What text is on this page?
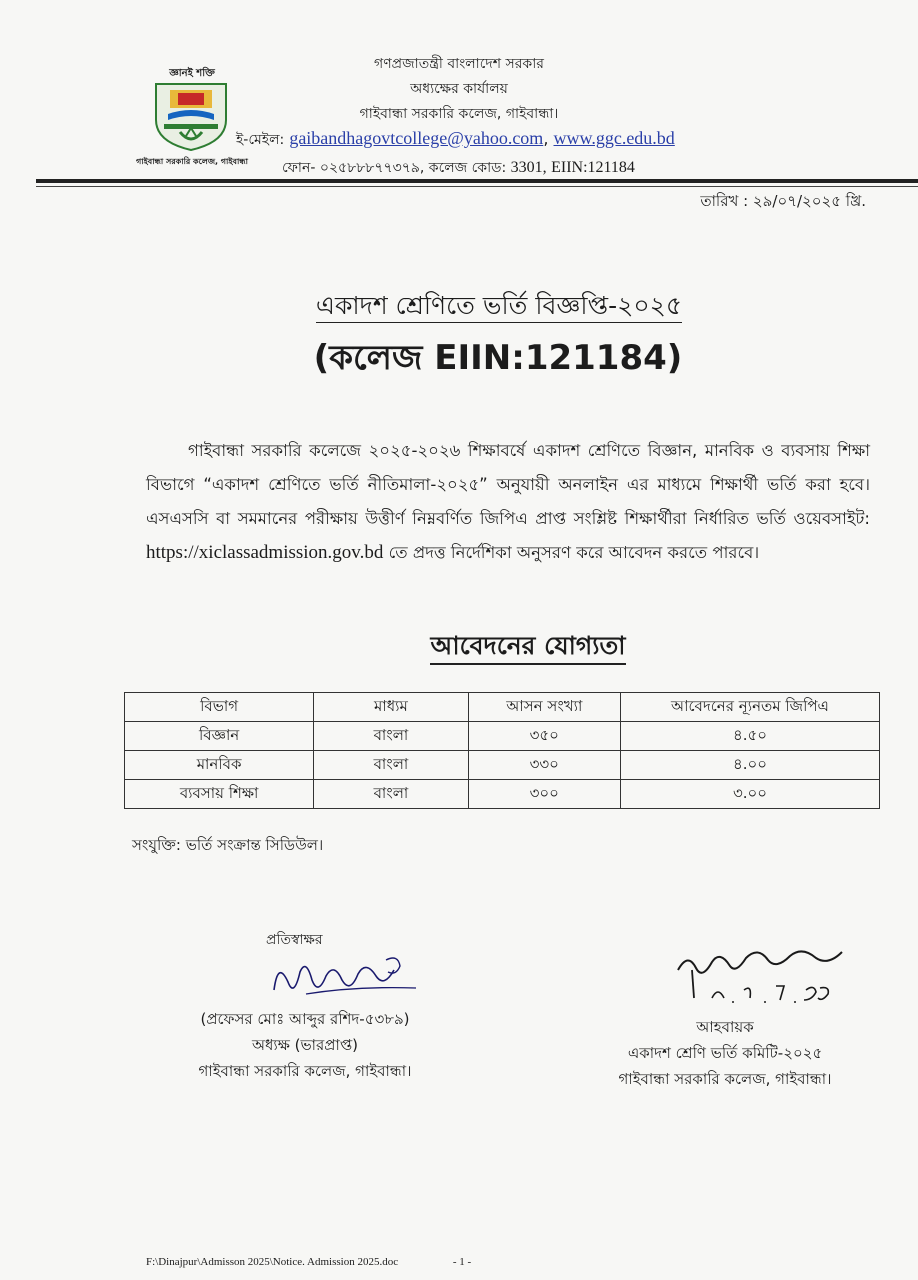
জ্ঞানই শক্তি
গাইবান্ধা সরকারি কলেজ, গাইবান্ধা
গণপ্রজাতন্ত্রী বাংলাদেশ সরকার
অধ্যক্ষের কার্যালয়
গাইবান্ধা সরকারি কলেজ, গাইবান্ধা।
ই-মেইল: gaibandhagovtcollege@yahoo.com, www.ggc.edu.bd
ফোন- ০২৫৮৮৮৭৭৩৭৯, কলেজ কোড: 3301, EIIN:121184
তারিখ : ২৯/০৭/২০২৫ খ্রি.
একাদশ শ্রেণিতে ভর্তি বিজ্ঞপ্তি-২০২৫
(কলেজ EIIN:121184)
গাইবান্ধা সরকারি কলেজে ২০২৫-২০২৬ শিক্ষাবর্ষে একাদশ শ্রেণিতে বিজ্ঞান, মানবিক ও ব্যবসায় শিক্ষা বিভাগে “একাদশ শ্রেণিতে ভর্তি নীতিমালা-২০২৫” অনুযায়ী অনলাইন এর মাধ্যমে শিক্ষার্থী ভর্তি করা হবে। এসএসসি বা সমমানের পরীক্ষায় উত্তীর্ণ নিম্নবর্ণিত জিপিএ প্রাপ্ত সংশ্লিষ্ট শিক্ষার্থীরা নির্ধারিত ভর্তি ওয়েবসাইট: https://xiclassadmission.gov.bd তে প্রদত্ত নির্দেশিকা অনুসরণ করে আবেদন করতে পারবে।
আবেদনের যোগ্যতা
বিভাগ	মাধ্যম	আসন সংখ্যা	আবেদনের ন্যূনতম জিপিএ
বিজ্ঞান	বাংলা	৩৫০	৪.৫০
মানবিক	বাংলা	৩৩০	৪.০০
ব্যবসায় শিক্ষা	বাংলা	৩০০	৩.০০
সংযুক্তি: ভর্তি সংক্রান্ত সিডিউল।
প্রতিস্বাক্ষর
(প্রফেসর মোঃ আব্দুর রশিদ-৫৩৮৯)
অধ্যক্ষ (ভারপ্রাপ্ত)
গাইবান্ধা সরকারি কলেজ, গাইবান্ধা।
আহবায়ক
একাদশ শ্রেণি ভর্তি কমিটি-২০২৫
গাইবান্ধা সরকারি কলেজ, গাইবান্ধা।
F:\Dinajpur\Admisson 2025\Notice. Admission 2025.doc	- 1 -
